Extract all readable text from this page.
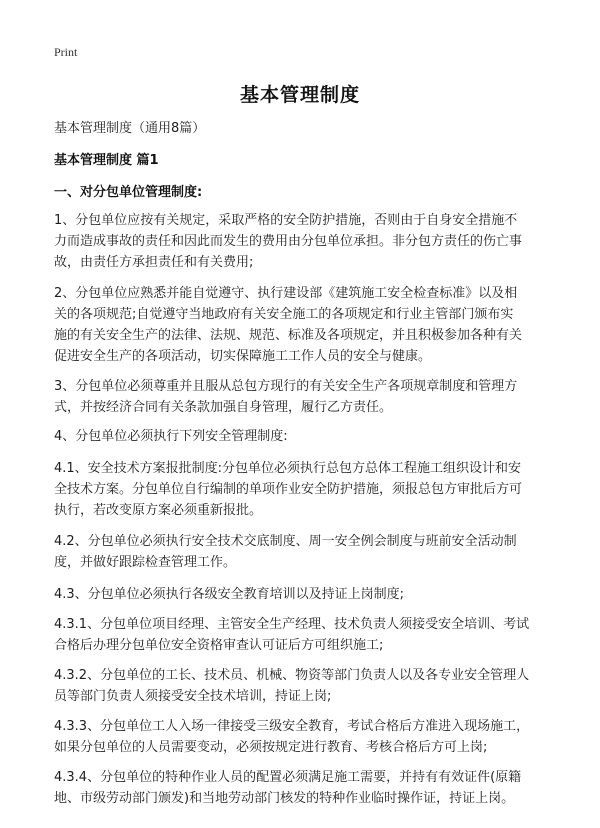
Print
基本管理制度
基本管理制度（通用8篇）
基本管理制度 篇1
一、对分包单位管理制度:
1、分包单位应按有关规定，采取严格的安全防护措施，否则由于自身安全措施不
力而造成事故的责任和因此而发生的费用由分包单位承担。非分包方责任的伤亡事
故，由责任方承担责任和有关费用;
2、分包单位应熟悉并能自觉遵守、执行建设部《建筑施工安全检查标准》以及相
关的各项规范;自觉遵守当地政府有关安全施工的各项规定和行业主管部门颁布实
施的有关安全生产的法律、法规、规范、标准及各项规定，并且积极参加各种有关
促进安全生产的各项活动，切实保障施工工作人员的安全与健康。
3、分包单位必须尊重并且服从总包方现行的有关安全生产各项规章制度和管理方
式，并按经济合同有关条款加强自身管理，履行乙方责任。
4、分包单位必须执行下列安全管理制度:
4.1、安全技术方案报批制度:分包单位必须执行总包方总体工程施工组织设计和安
全技术方案。分包单位自行编制的单项作业安全防护措施，须报总包方审批后方可
执行，若改变原方案必须重新报批。
4.2、分包单位必须执行安全技术交底制度、周一安全例会制度与班前安全活动制
度，并做好跟踪检查管理工作。
4.3、分包单位必须执行各级安全教育培训以及持证上岗制度;
4.3.1、分包单位项目经理、主管安全生产经理、技术负责人须接受安全培训、考试
合格后办理分包单位安全资格审查认可证后方可组织施工;
4.3.2、分包单位的工长、技术员、机械、物资等部门负责人以及各专业安全管理人
员等部门负责人须接受安全技术培训，持证上岗;
4.3.3、分包单位工人入场一律接受三级安全教育，考试合格后方准进入现场施工，
如果分包单位的人员需要变动，必须按规定进行教育、考核合格后方可上岗;
4.3.4、分包单位的特种作业人员的配置必须满足施工需要，并持有有效证件(原籍
地、市级劳动部门颁发)和当地劳动部门核发的特种作业临时操作证，持证上岗。
